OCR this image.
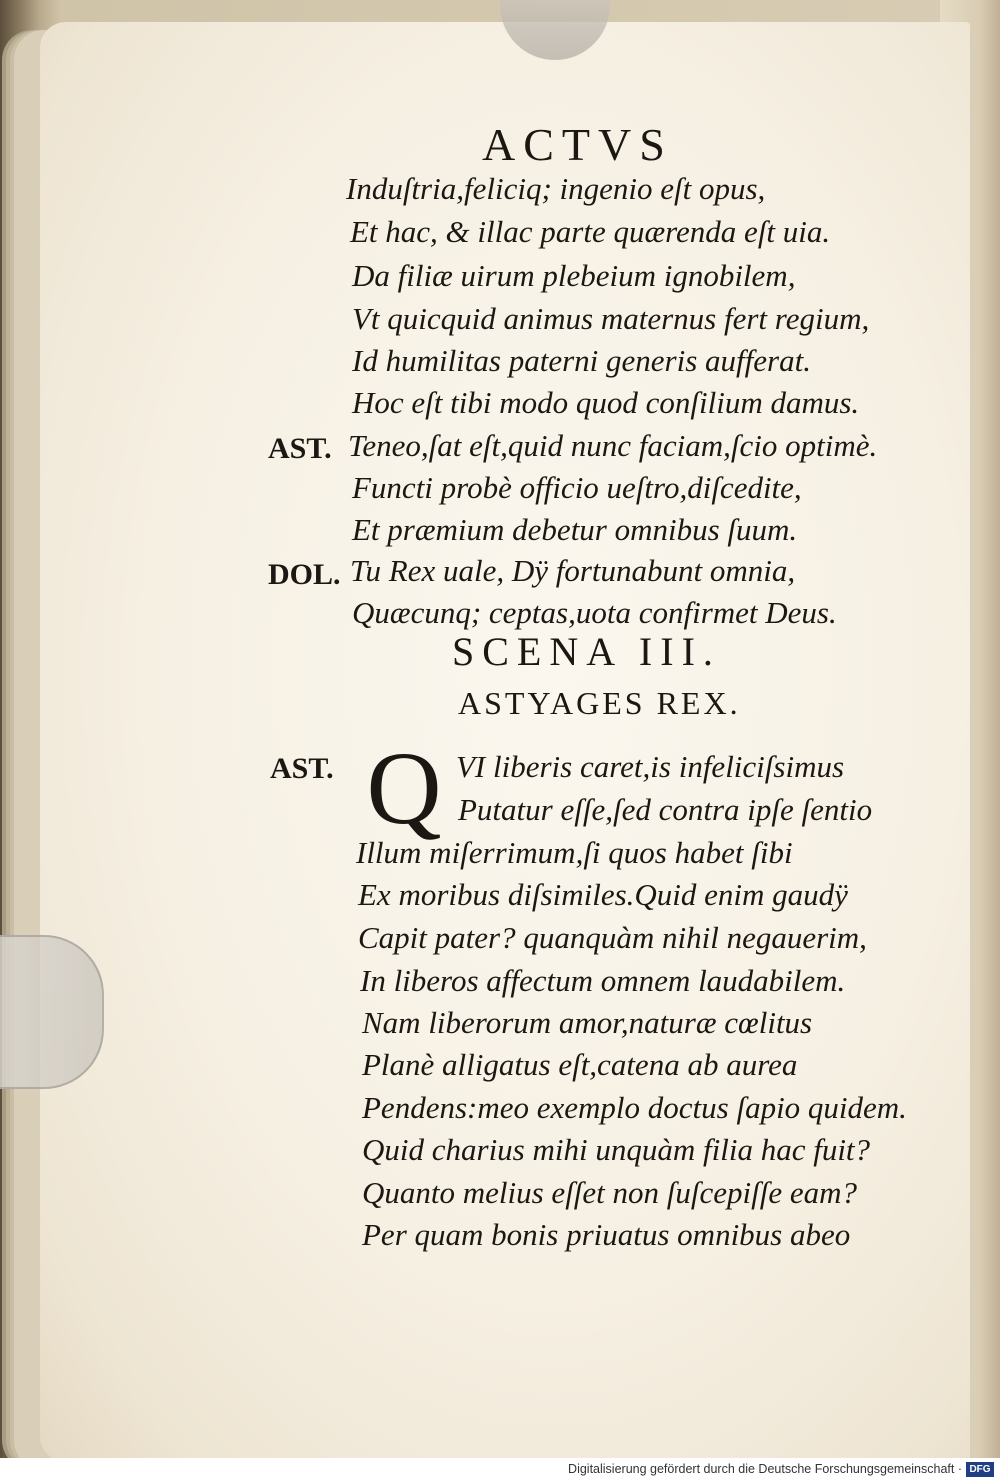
ACTVS
Induſtria,feliciq; ingenio eſt opus,
Et hac, & illac parte quærenda eſt uia.
Da filiæ uirum plebeium ignobilem,
Vt quicquid animus maternus fert regium,
Id humilitas paterni generis aufferat.
Hoc eſt tibi modo quod conſilium damus.
AST. Teneo,ſat eſt,quid nunc faciam,ſcio optimè.
Functi probè officio ueſtro,diſcedite,
Et præmium debetur omnibus ſuum.
DOL. Tu Rex uale, Dÿ fortunabunt omnia,
Quæcunq; ceptas,uota confirmet Deus.
SCENA III.
ASTYAGES REX.
AST. Q VI liberis caret,is infeliciſsimus
Putatur eſſe,ſed contra ipſe ſentio
Illum miſerrimum,ſi quos habet ſibi
Ex moribus diſsimiles.Quid enim gaudÿ
Capit pater? quanquàm nihil negauerim,
In liberos affectum omnem laudabilem.
Nam liberorum amor,naturæ cœlitus
Planè alligatus eſt,catena ab aurea
Pendens:meo exemplo doctus ſapio quidem.
Quid charius mihi unquàm filia hac fuit?
Quanto melius eſſet non ſuſcepiſſe eam?
Per quam bonis priuatus omnibus abeo
Digitalisierung gefördert durch die Deutsche Forschungsgemeinschaft · DFG
